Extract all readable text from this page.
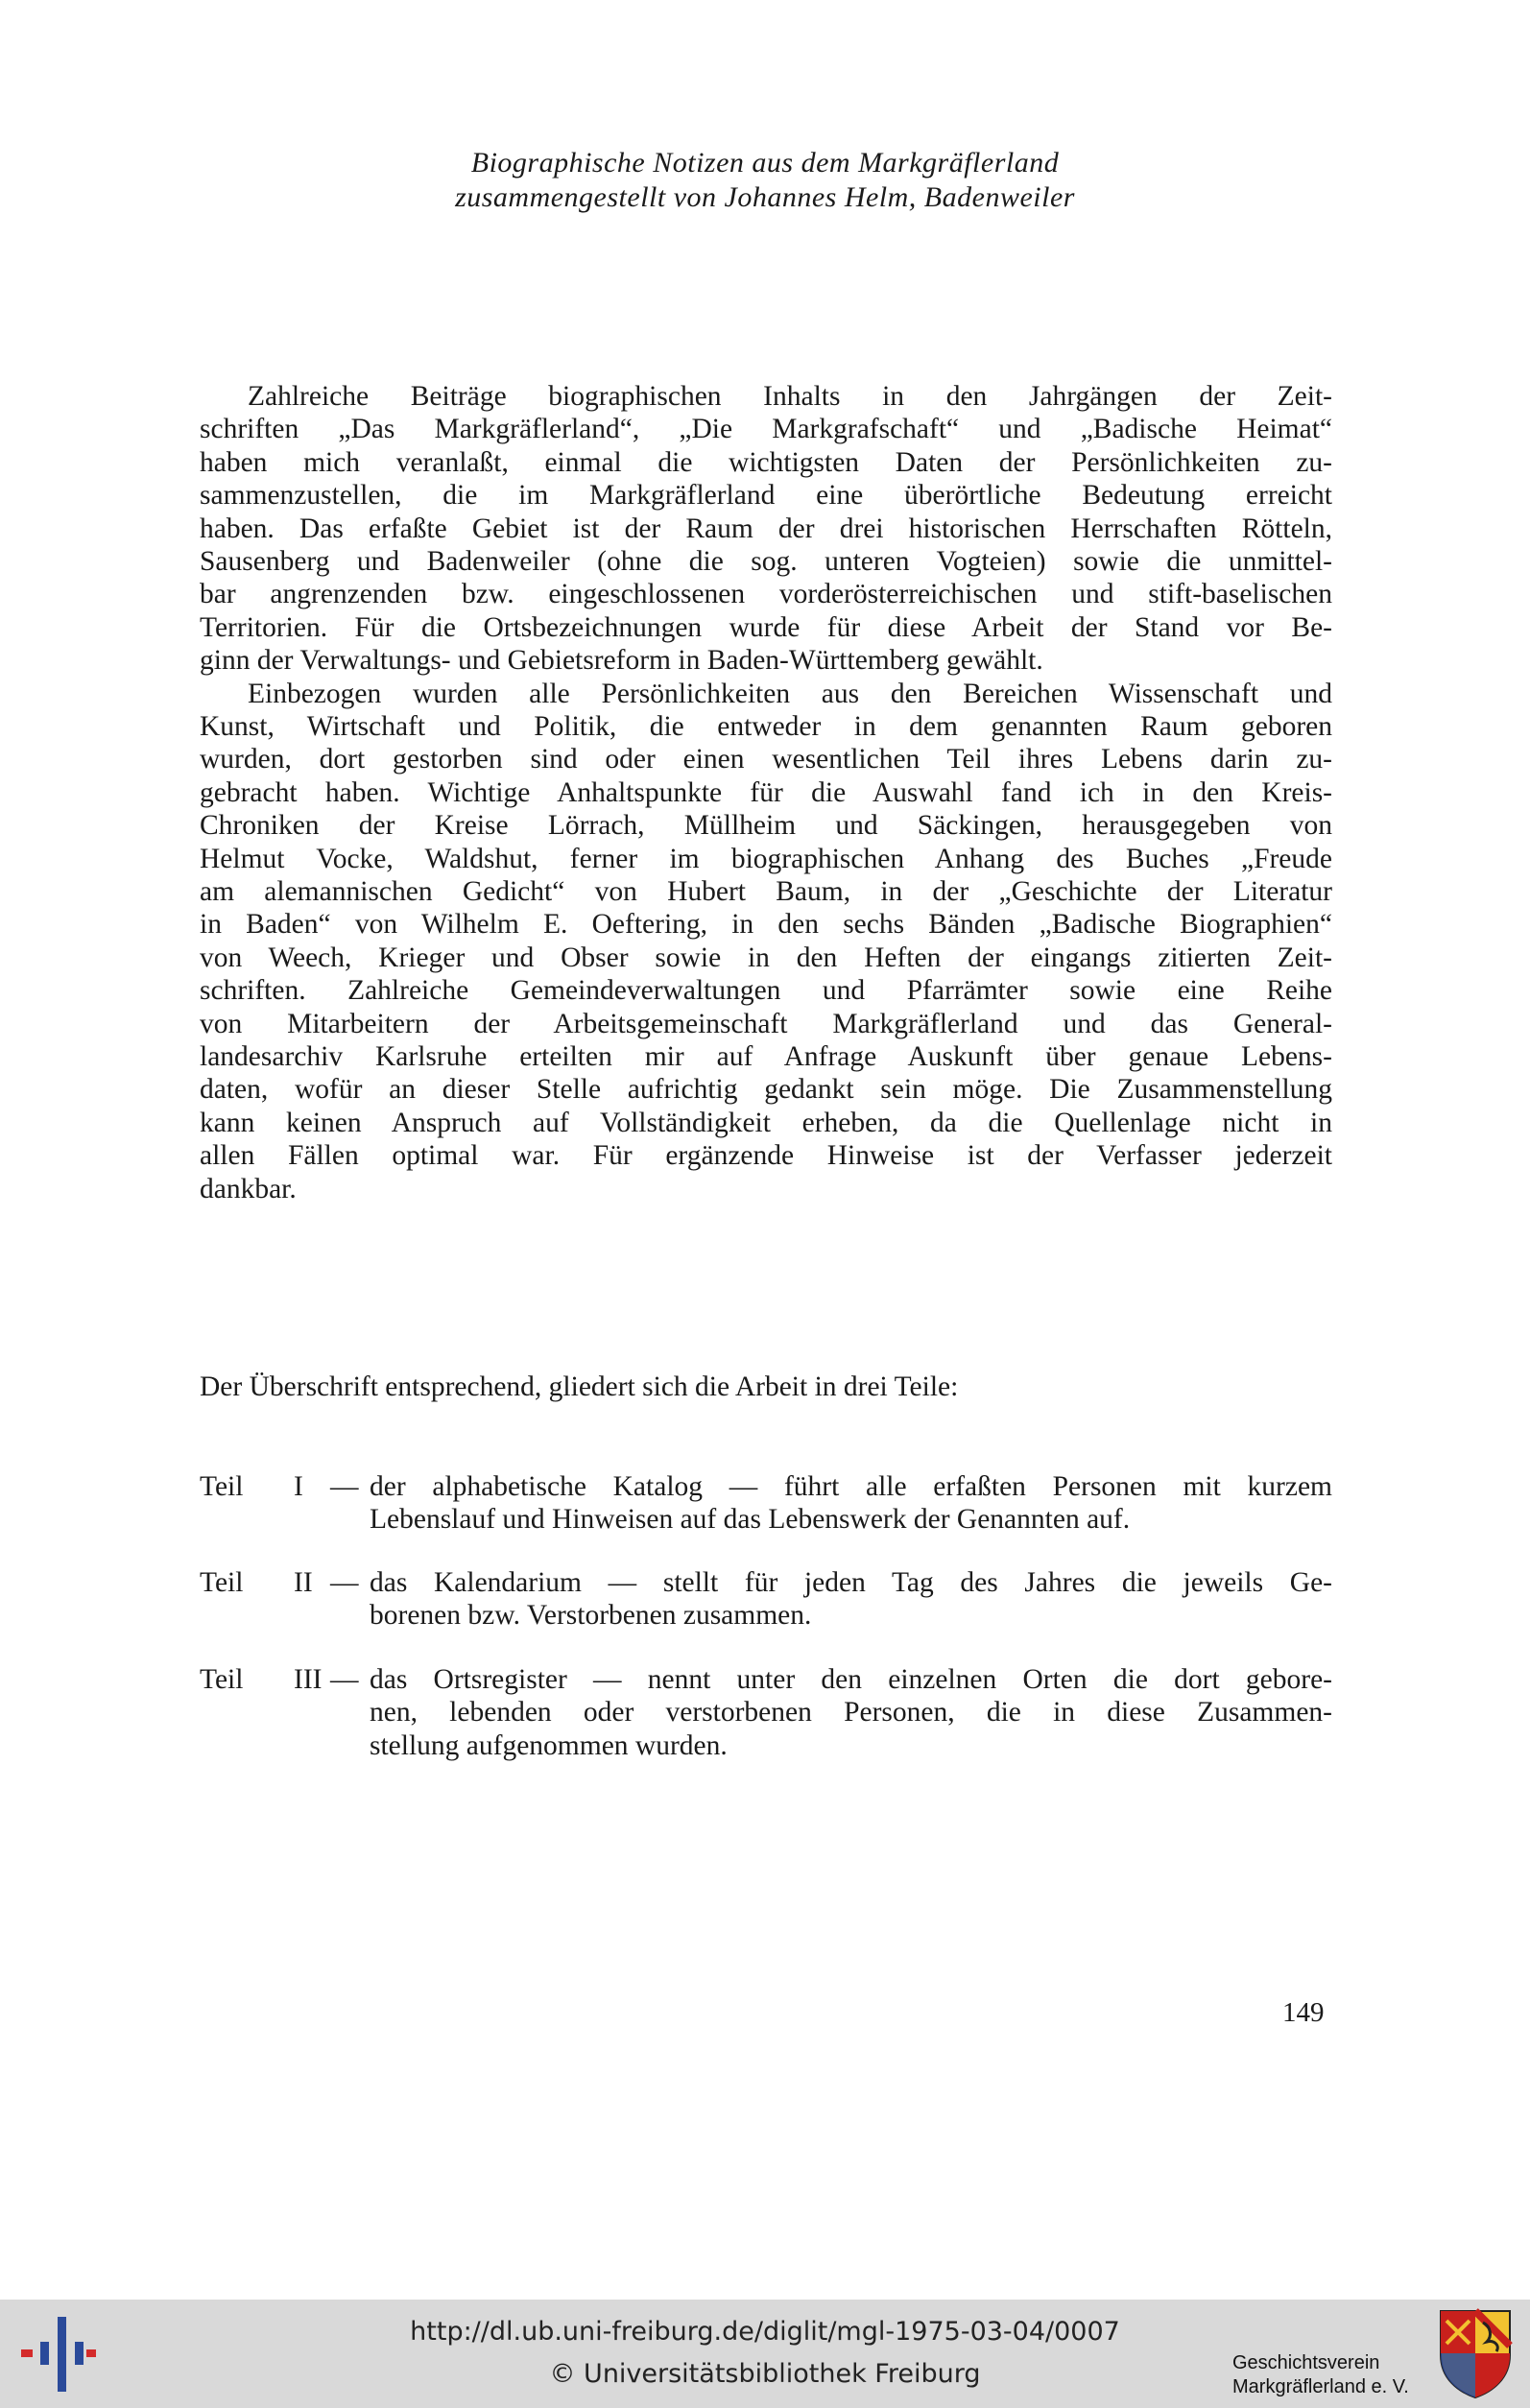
Biographische Notizen aus dem Markgräflerland
zusammengestellt von Johannes Helm, Badenweiler
Zahlreiche Beiträge biographischen Inhalts in den Jahrgängen der Zeit-
schriften „Das Markgräflerland“, „Die Markgrafschaft“ und „Badische Heimat“
haben mich veranlaßt, einmal die wichtigsten Daten der Persönlichkeiten zu-
sammenzustellen, die im Markgräflerland eine überörtliche Bedeutung erreicht
haben. Das erfaßte Gebiet ist der Raum der drei historischen Herrschaften Rötteln,
Sausenberg und Badenweiler (ohne die sog. unteren Vogteien) sowie die unmittel-
bar angrenzenden bzw. eingeschlossenen vorderösterreichischen und stift-baselischen
Territorien. Für die Ortsbezeichnungen wurde für diese Arbeit der Stand vor Be-
ginn der Verwaltungs- und Gebietsreform in Baden-Württemberg gewählt.
Einbezogen wurden alle Persönlichkeiten aus den Bereichen Wissenschaft und
Kunst, Wirtschaft und Politik, die entweder in dem genannten Raum geboren
wurden, dort gestorben sind oder einen wesentlichen Teil ihres Lebens darin zu-
gebracht haben. Wichtige Anhaltspunkte für die Auswahl fand ich in den Kreis-
Chroniken der Kreise Lörrach, Müllheim und Säckingen, herausgegeben von
Helmut Vocke, Waldshut, ferner im biographischen Anhang des Buches „Freude
am alemannischen Gedicht“ von Hubert Baum, in der „Geschichte der Literatur
in Baden“ von Wilhelm E. Oeftering, in den sechs Bänden „Badische Biographien“
von Weech, Krieger und Obser sowie in den Heften der eingangs zitierten Zeit-
schriften. Zahlreiche Gemeindeverwaltungen und Pfarrämter sowie eine Reihe
von Mitarbeitern der Arbeitsgemeinschaft Markgräflerland und das General-
landesarchiv Karlsruhe erteilten mir auf Anfrage Auskunft über genaue Lebens-
daten, wofür an dieser Stelle aufrichtig gedankt sein möge. Die Zusammenstellung
kann keinen Anspruch auf Vollständigkeit erheben, da die Quellenlage nicht in
allen Fällen optimal war. Für ergänzende Hinweise ist der Verfasser jederzeit
dankbar.

Der Überschrift entsprechend, gliedert sich die Arbeit in drei Teile:

Teil I — der alphabetische Katalog — führt alle erfaßten Personen mit kurzem
Lebenslauf und Hinweisen auf das Lebenswerk der Genannten auf.
Teil II — das Kalendarium — stellt für jeden Tag des Jahres die jeweils Ge-
borenen bzw. Verstorbenen zusammen.
Teil III — das Ortsregister — nennt unter den einzelnen Orten die dort gebore-
nen, lebenden oder verstorbenen Personen, die in diese Zusammen-
stellung aufgenommen wurden.
149
http://dl.ub.uni-freiburg.de/diglit/mgl-1975-03-04/0007
© Universitätsbibliothek Freiburg	Geschichtsverein
Markgräflerland e. V.
